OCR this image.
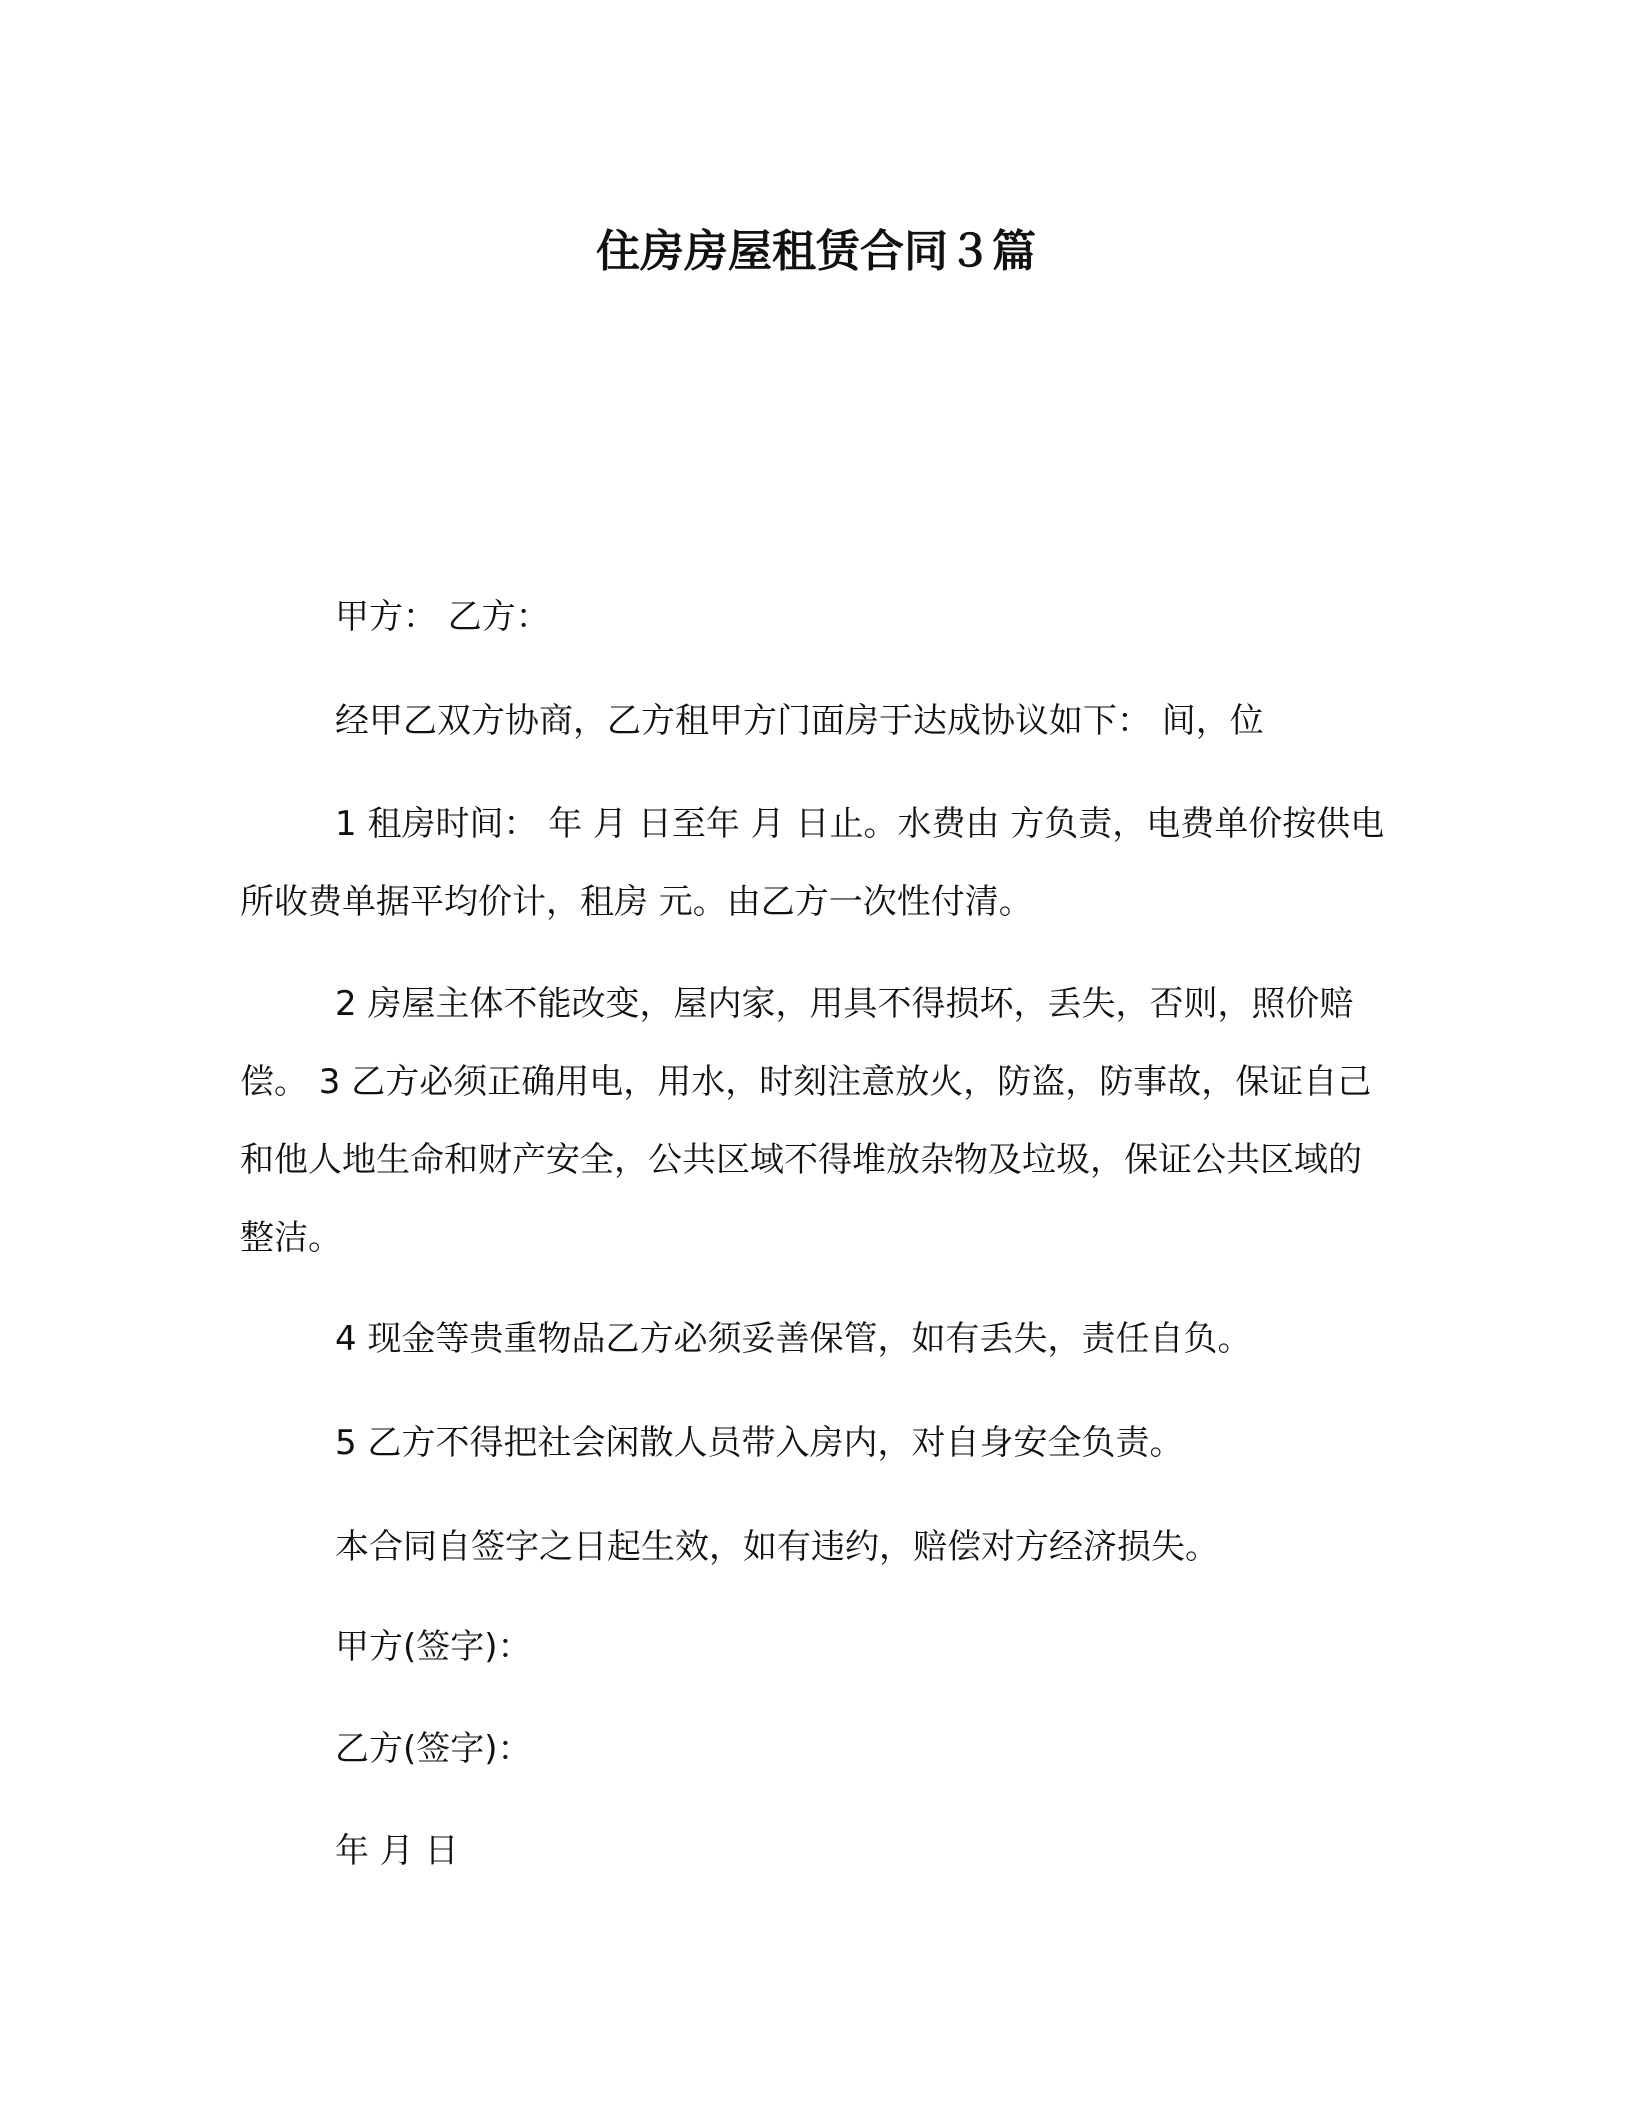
住房房屋租赁合同３篇
甲方： 乙方：
经甲乙双方协商，乙方租甲方门面房于达成协议如下： 间，位
1 租房时间： 年 月 日至年 月 日止。水费由 方负责，电费单价按供电所收费单据平均价计，租房 元。由乙方一次性付清。
2 房屋主体不能改变，屋内家，用具不得损坏，丢失，否则，照价赔偿。 3 乙方必须正确用电，用水，时刻注意放火，防盗，防事故，保证自己和他人地生命和财产安全，公共区域不得堆放杂物及垃圾，保证公共区域的整洁。
4 现金等贵重物品乙方必须妥善保管，如有丢失，责任自负。
5 乙方不得把社会闲散人员带入房内，对自身安全负责。
本合同自签字之日起生效，如有违约，赔偿对方经济损失。
甲方(签字)：
乙方(签字)：
年 月 日
